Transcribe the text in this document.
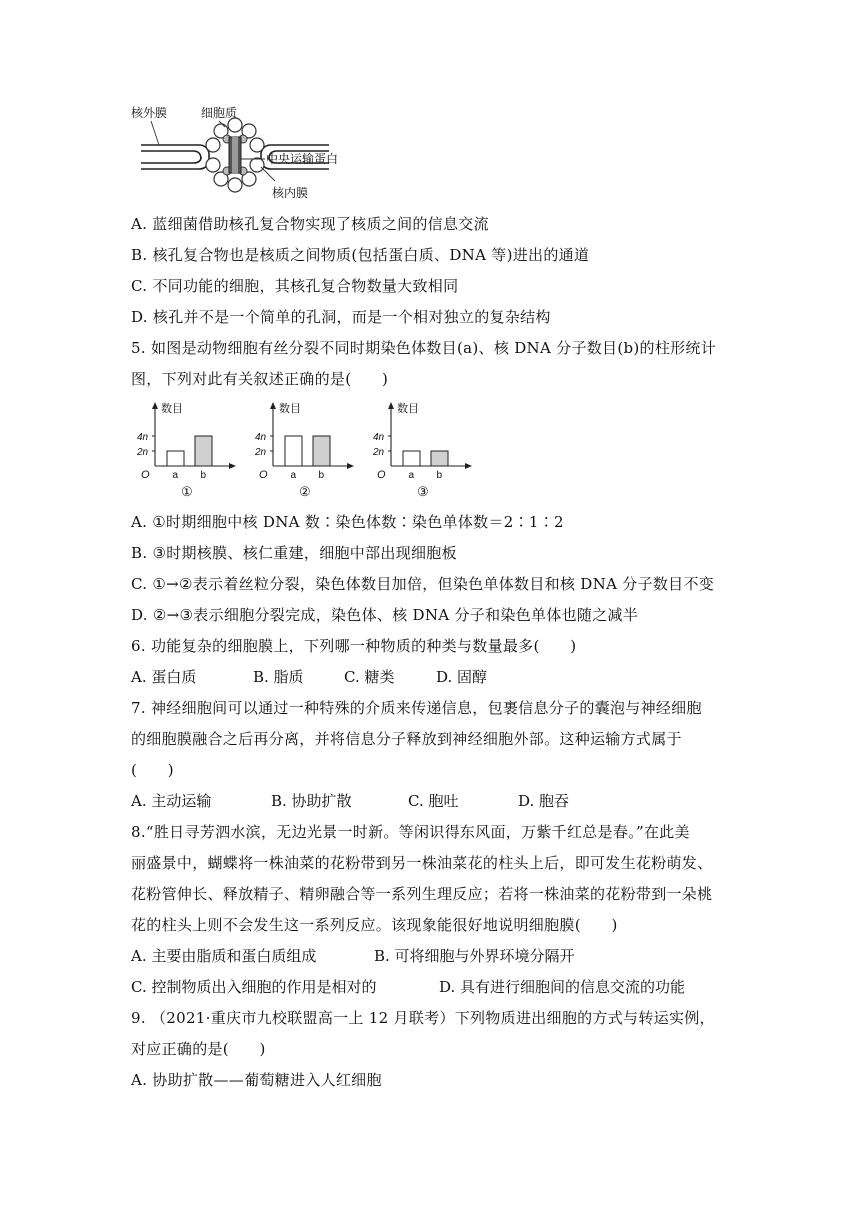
核外膜	细胞质
中央运输蛋白
核内膜
A. 蓝细菌借助核孔复合物实现了核质之间的信息交流
B. 核孔复合物也是核质之间物质(包括蛋白质、DNA 等)进出的通道
C. 不同功能的细胞，其核孔复合物数量大致相同
D. 核孔并不是一个简单的孔洞，而是一个相对独立的复杂结构
5. 如图是动物细胞有丝分裂不同时期染色体数目(a)、核 DNA 分子数目(b)的柱形统计
图，下列对此有关叙述正确的是(　　)
数目
2n
4n
O a b
①
数目
2n
4n
O a b
②
数目
2n
4n
O a b
③
A. ①时期细胞中核 DNA 数∶染色体数∶染色单体数＝2∶1∶2
B. ③时期核膜、核仁重建，细胞中部出现细胞板
C. ①→②表示着丝粒分裂，染色体数目加倍，但染色单体数目和核 DNA 分子数目不变
D. ②→③表示细胞分裂完成，染色体、核 DNA 分子和染色单体也随之减半
6. 功能复杂的细胞膜上，下列哪一种物质的种类与数量最多(　　)
A. 蛋白质	B. 脂质	C. 糖类	D. 固醇
7. 神经细胞间可以通过一种特殊的介质来传递信息，包裹信息分子的囊泡与神经细胞
的细胞膜融合之后再分离，并将信息分子释放到神经细胞外部。这种运输方式属于
(　　)
A. 主动运输	B. 协助扩散	C. 胞吐	D. 胞吞
8.“胜日寻芳泗水滨，无边光景一时新。等闲识得东风面，万紫千红总是春。”在此美
丽盛景中，蝴蝶将一株油菜的花粉带到另一株油菜花的柱头上后，即可发生花粉萌发、
花粉管伸长、释放精子、精卵融合等一系列生理反应；若将一株油菜的花粉带到一朵桃
花的柱头上则不会发生这一系列反应。该现象能很好地说明细胞膜(　　)
A. 主要由脂质和蛋白质组成	B. 可将细胞与外界环境分隔开
C. 控制物质出入细胞的作用是相对的	D. 具有进行细胞间的信息交流的功能
9. （2021·重庆市九校联盟高一上 12 月联考）下列物质进出细胞的方式与转运实例，
对应正确的是(　　)
A. 协助扩散——葡萄糖进入人红细胞
